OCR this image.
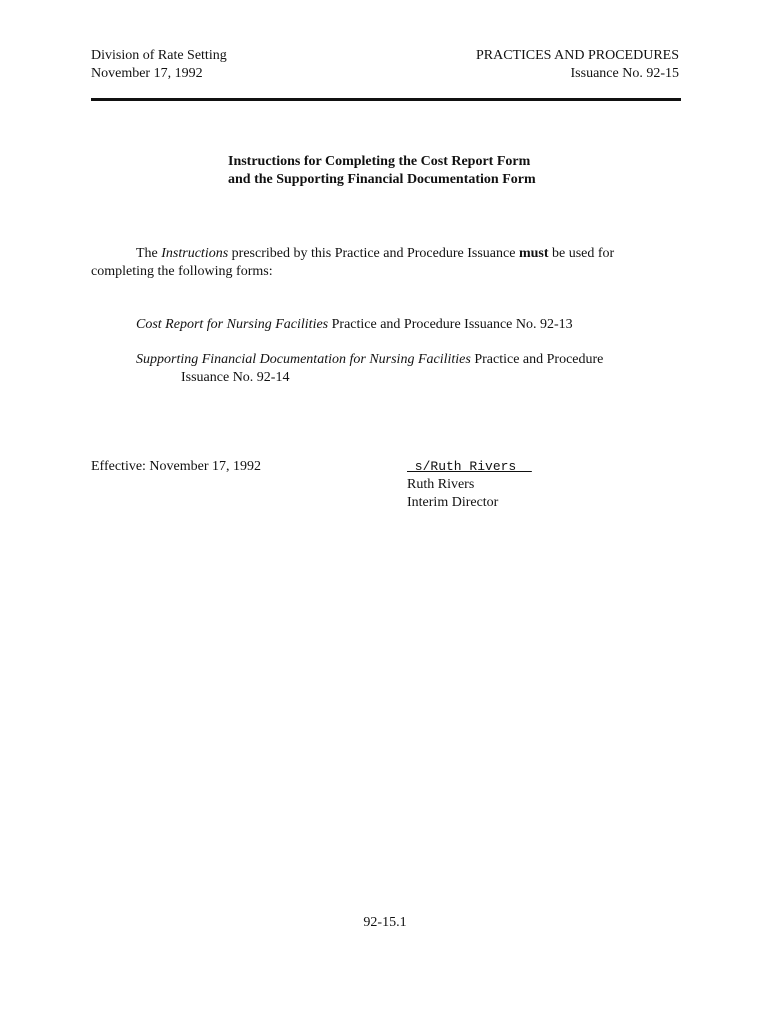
Division of Rate Setting
November 17, 1992
PRACTICES AND PROCEDURES
Issuance No. 92-15
Instructions for Completing the Cost Report Form
and the Supporting Financial Documentation Form
The Instructions prescribed by this Practice and Procedure Issuance must be used for
completing the following forms:
Cost Report for Nursing Facilities Practice and Procedure Issuance No. 92-13
Supporting Financial Documentation for Nursing Facilities Practice and Procedure
Issuance No. 92-14
Effective: November 17, 1992	s/Ruth Rivers
Ruth Rivers
Interim Director
92-15.1
